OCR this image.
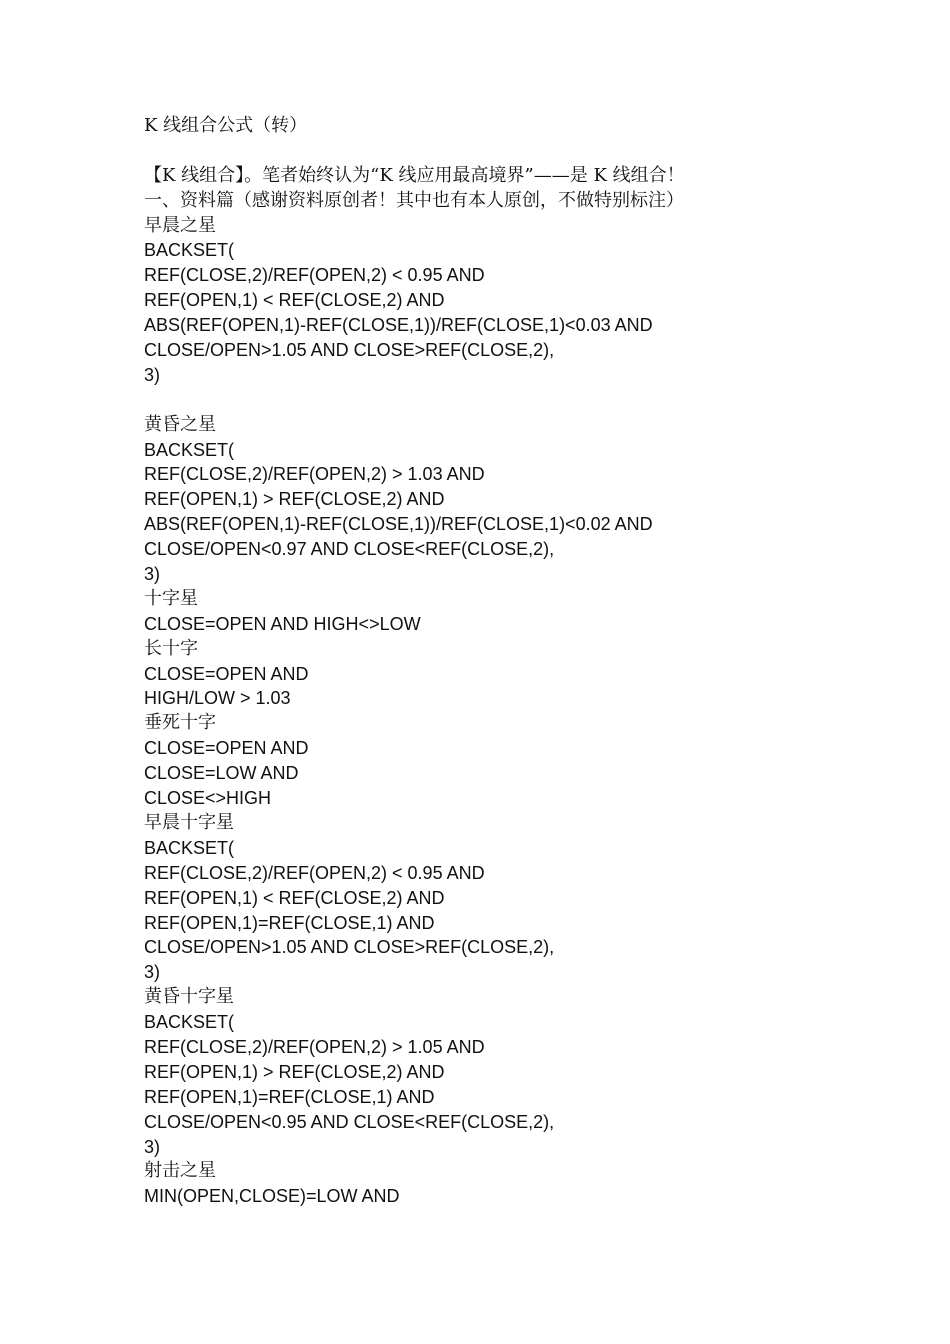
K 线组合公式（转）
【K 线组合】。笔者始终认为“K 线应用最高境界”——是 K 线组合！
一、资料篇（感谢资料原创者！其中也有本人原创，不做特别标注）
早晨之星
BACKSET(
REF(CLOSE,2)/REF(OPEN,2) < 0.95 AND
REF(OPEN,1) < REF(CLOSE,2) AND
ABS(REF(OPEN,1)-REF(CLOSE,1))/REF(CLOSE,1)<0.03 AND
CLOSE/OPEN>1.05 AND CLOSE>REF(CLOSE,2),
3)
黄昏之星
BACKSET(
REF(CLOSE,2)/REF(OPEN,2) > 1.03 AND
REF(OPEN,1) > REF(CLOSE,2) AND
ABS(REF(OPEN,1)-REF(CLOSE,1))/REF(CLOSE,1)<0.02 AND
CLOSE/OPEN<0.97 AND CLOSE<REF(CLOSE,2),
3)
十字星
CLOSE=OPEN AND HIGH<>LOW
长十字
CLOSE=OPEN AND
HIGH/LOW > 1.03
垂死十字
CLOSE=OPEN AND
CLOSE=LOW AND
CLOSE<>HIGH
早晨十字星
BACKSET(
REF(CLOSE,2)/REF(OPEN,2) < 0.95 AND
REF(OPEN,1) < REF(CLOSE,2) AND
REF(OPEN,1)=REF(CLOSE,1) AND
CLOSE/OPEN>1.05 AND CLOSE>REF(CLOSE,2),
3)
黄昏十字星
BACKSET(
REF(CLOSE,2)/REF(OPEN,2) > 1.05 AND
REF(OPEN,1) > REF(CLOSE,2) AND
REF(OPEN,1)=REF(CLOSE,1) AND
CLOSE/OPEN<0.95 AND CLOSE<REF(CLOSE,2),
3)
射击之星
MIN(OPEN,CLOSE)=LOW AND
